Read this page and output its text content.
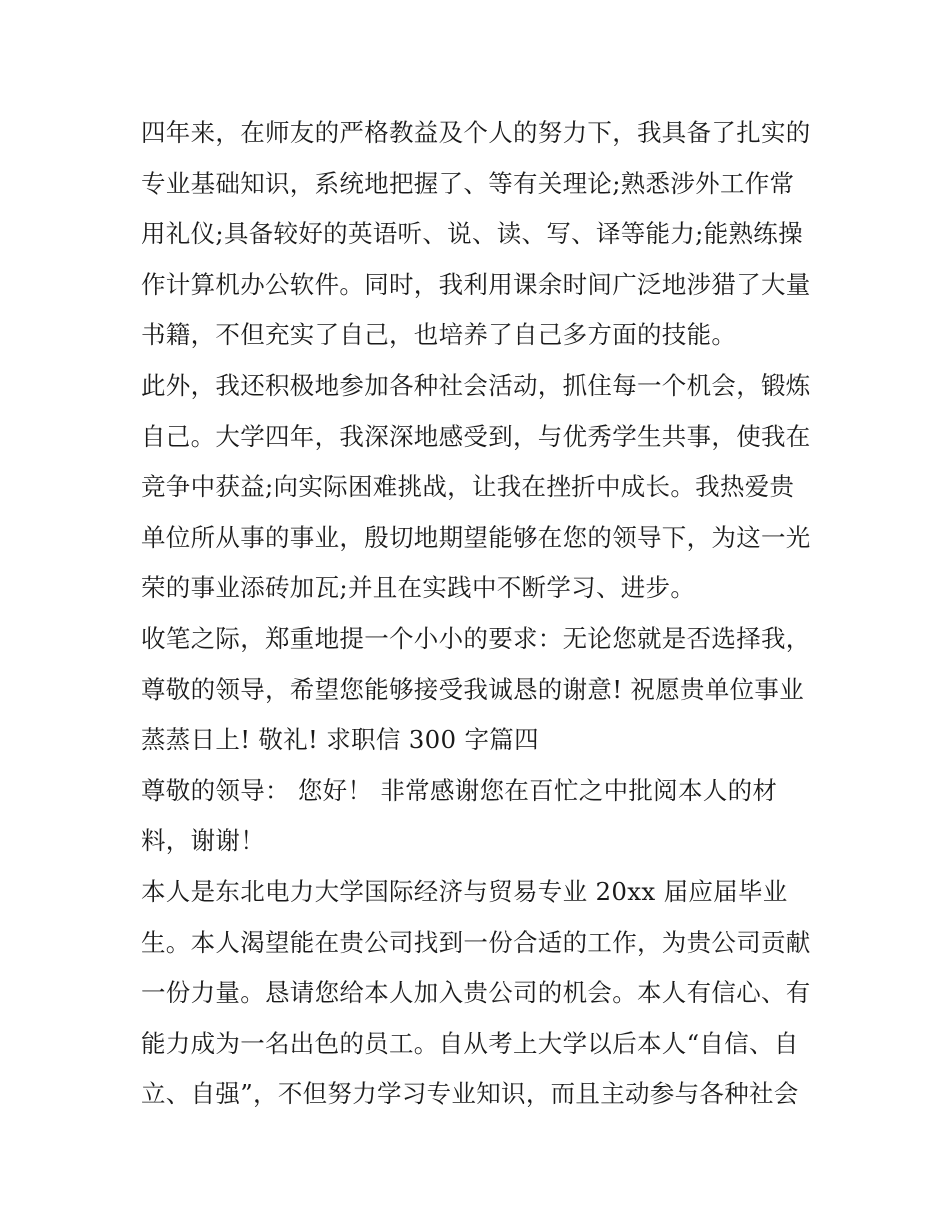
四年来，在师友的严格教益及个人的努力下，我具备了扎实的
专业基础知识，系统地把握了、等有关理论;熟悉涉外工作常
用礼仪;具备较好的英语听、说、读、写、译等能力;能熟练操
作计算机办公软件。同时，我利用课余时间广泛地涉猎了大量
书籍，不但充实了自己，也培养了自己多方面的技能。
此外，我还积极地参加各种社会活动，抓住每一个机会，锻炼
自己。大学四年，我深深地感受到，与优秀学生共事，使我在
竞争中获益;向实际困难挑战，让我在挫折中成长。我热爱贵
单位所从事的事业，殷切地期望能够在您的领导下，为这一光
荣的事业添砖加瓦;并且在实践中不断学习、进步。
收笔之际，郑重地提一个小小的要求：无论您就是否选择我，
尊敬的领导，希望您能够接受我诚恳的谢意! 祝愿贵单位事业
蒸蒸日上! 敬礼! 求职信 300 字篇四
尊敬的领导： 您好！ 非常感谢您在百忙之中批阅本人的材
料，谢谢！
本人是东北电力大学国际经济与贸易专业 20xx 届应届毕业
生。本人渴望能在贵公司找到一份合适的工作，为贵公司贡献
一份力量。恳请您给本人加入贵公司的机会。本人有信心、有
能力成为一名出色的员工。自从考上大学以后本人“自信、自
立、自强”，不但努力学习专业知识，而且主动参与各种社会
